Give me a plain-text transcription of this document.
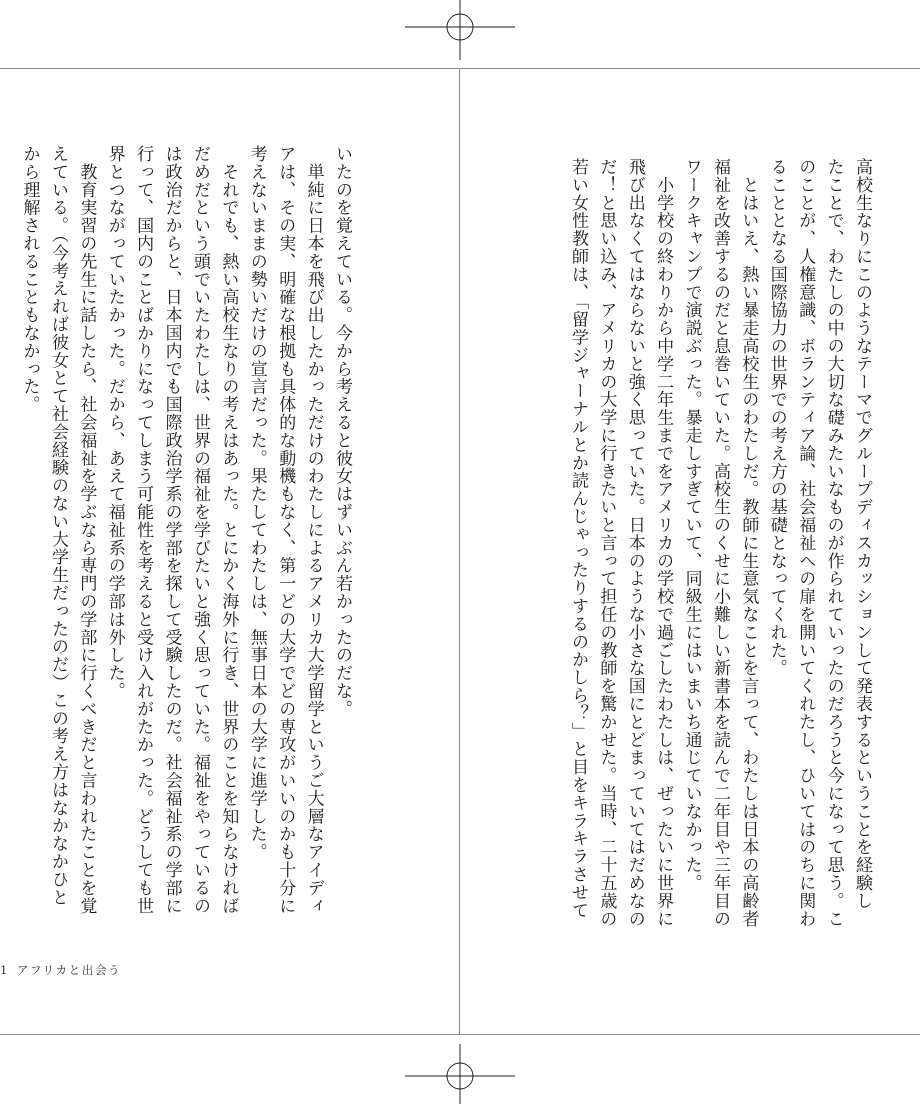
高校生なりにこのようなテーマでグループディスカッションして発表するということを経験し
たことで、わたしの中の大切な礎みたいなものが作られていったのだろうと今になって思う。こ
のことが、人権意識、ボランティア論、社会福祉への扉を開いてくれたし、ひいてはのちに関わ
ることとなる国際協力の世界での考え方の基礎となってくれた。
　とはいえ、熱い暴走高校生のわたしだ。教師に生意気なことを言って、わたしは日本の高齢者
福祉を改善するのだと息巻いていた。高校生のくせに小難しい新書本を読んで二年目や三年目の
ワークキャンプで演説ぶった。暴走しすぎていて、同級生にはいまいち通じていなかった。
　小学校の終わりから中学二年生までをアメリカの学校で過ごしたわたしは、ぜったいに世界に
飛び出なくてはならないと強く思っていた。日本のような小さな国にとどまっていてはだめなの
だ！と思い込み、アメリカの大学に行きたいと言って担任の教師を驚かせた。当時、二十五歳の
若い女性教師は、「留学ジャーナルとか読んじゃったりするのかしら？」と目をキラキラさせて
いたのを覚えている。今から考えると彼女はずいぶん若かったのだな。
　単純に日本を飛び出したかっただけのわたしによるアメリカ大学留学というご大層なアイディ
アは、その実、明確な根拠も具体的な動機もなく、第一どの大学でどの専攻がいいのかも十分に
考えないままの勢いだけの宣言だった。果たしてわたしは、無事日本の大学に進学した。
　それでも、熱い高校生なりの考えはあった。とにかく海外に行き、世界のことを知らなければ
だめだという頭でいたわたしは、世界の福祉を学びたいと強く思っていた。福祉をやっているの
は政治だからと、日本国内でも国際政治学系の学部を探して受験したのだ。社会福祉系の学部に
行って、国内のことばかりになってしまう可能性を考えると受け入れがたかった。どうしても世
界とつながっていたかった。だから、あえて福祉系の学部は外した。
　教育実習の先生に話したら、社会福祉を学ぶなら専門の学部に行くべきだと言われたことを覚
えている。（今考えれば彼女とて社会経験のない大学生だったのだ）この考え方はなかなかひと
から理解されることもなかった。
1 アフリカと出会う
